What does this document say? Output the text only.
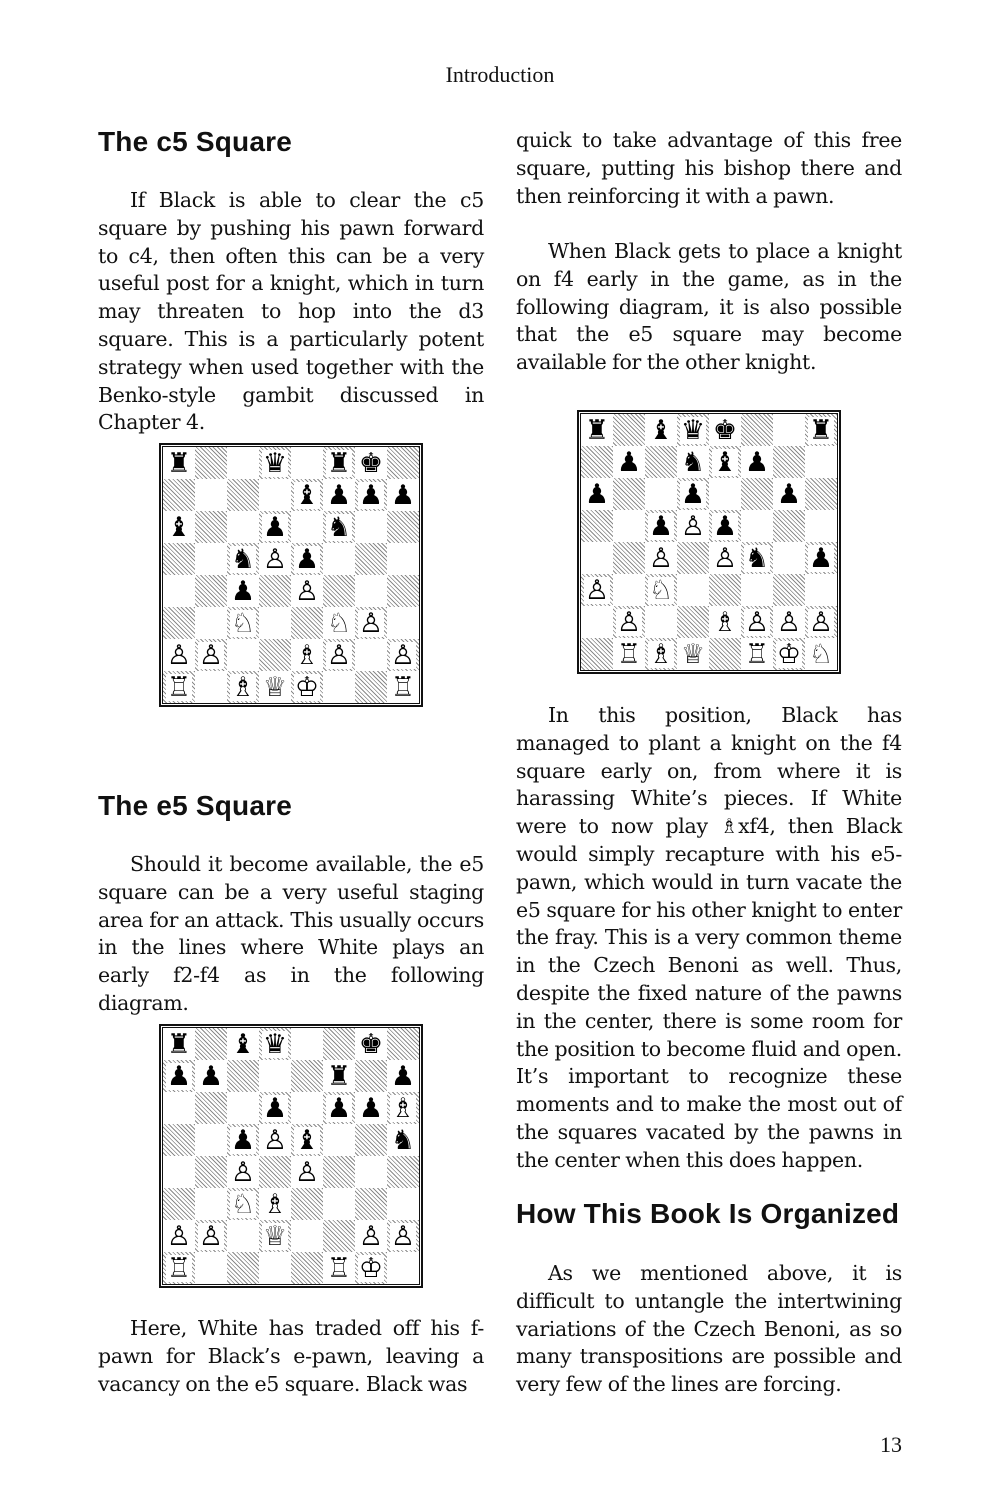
Introduction
The c5 Square

If Black is able to clear the c5 square by pushing his pawn forward to c4, then often this can be a very useful post for a knight, which in turn may threaten to hop into the d3 square. This is a particularly potent strategy when used together with the Benko-style gambit discussed in Chapter 4.

♜	♛ ♜ ♚
♝ ♟ ♟ ♟
♝	♟ ♞
♞ ♙ ♟
♟ ♙
♘	♘ ♙
♙ ♙	♗ ♙ ♙
♖ ♗ ♕ ♔	♖
The e5 Square

Should it become available, the e5 square can be a very useful staging area for an attack. This usually occurs in the lines where White plays an early f2-f4 as in the following diagram.

♜ ♝ ♛	♚
♟ ♟	♜ ♟
♟ ♟ ♟ ♗
♟ ♙ ♝	♞
♙ ♙
♘ ♗
♙ ♙ ♕	♙ ♙
♖	♖ ♔

Here, White has traded off his f-pawn for Black’s e-pawn, leaving a vacancy on the e5 square. Black was

quick to take advantage of this free square, putting his bishop there and then reinforcing it with a pawn.

When Black gets to place a knight on f4 early in the game, as in the following diagram, it is also possible that the e5 square may become available for the other knight.

♜ ♝ ♛ ♚	♜
♟ ♞ ♝ ♟
♟	♟	♟
♟ ♙ ♟
♙ ♙ ♞ ♟
♙ ♘
♙	♗ ♙ ♙ ♙
♖ ♗ ♕ ♖ ♔ ♘

In this position, Black has managed to plant a knight on the f4 square early on, from where it is harassing White’s pieces. If White were to now play ♗xf4, then Black would simply recapture with his e5-pawn, which would in turn vacate the e5 square for his other knight to enter the fray. This is a very common theme in the Czech Benoni as well. Thus, despite the fixed nature of the pawns in the center, there is some room for the position to become fluid and open. It’s important to recognize these moments and to make the most out of the squares vacated by the pawns in the center when this does happen.

How This Book Is Organized

As we mentioned above, it is difficult to untangle the intertwining variations of the Czech Benoni, as so many transpositions are possible and very few of the lines are forcing.

13
